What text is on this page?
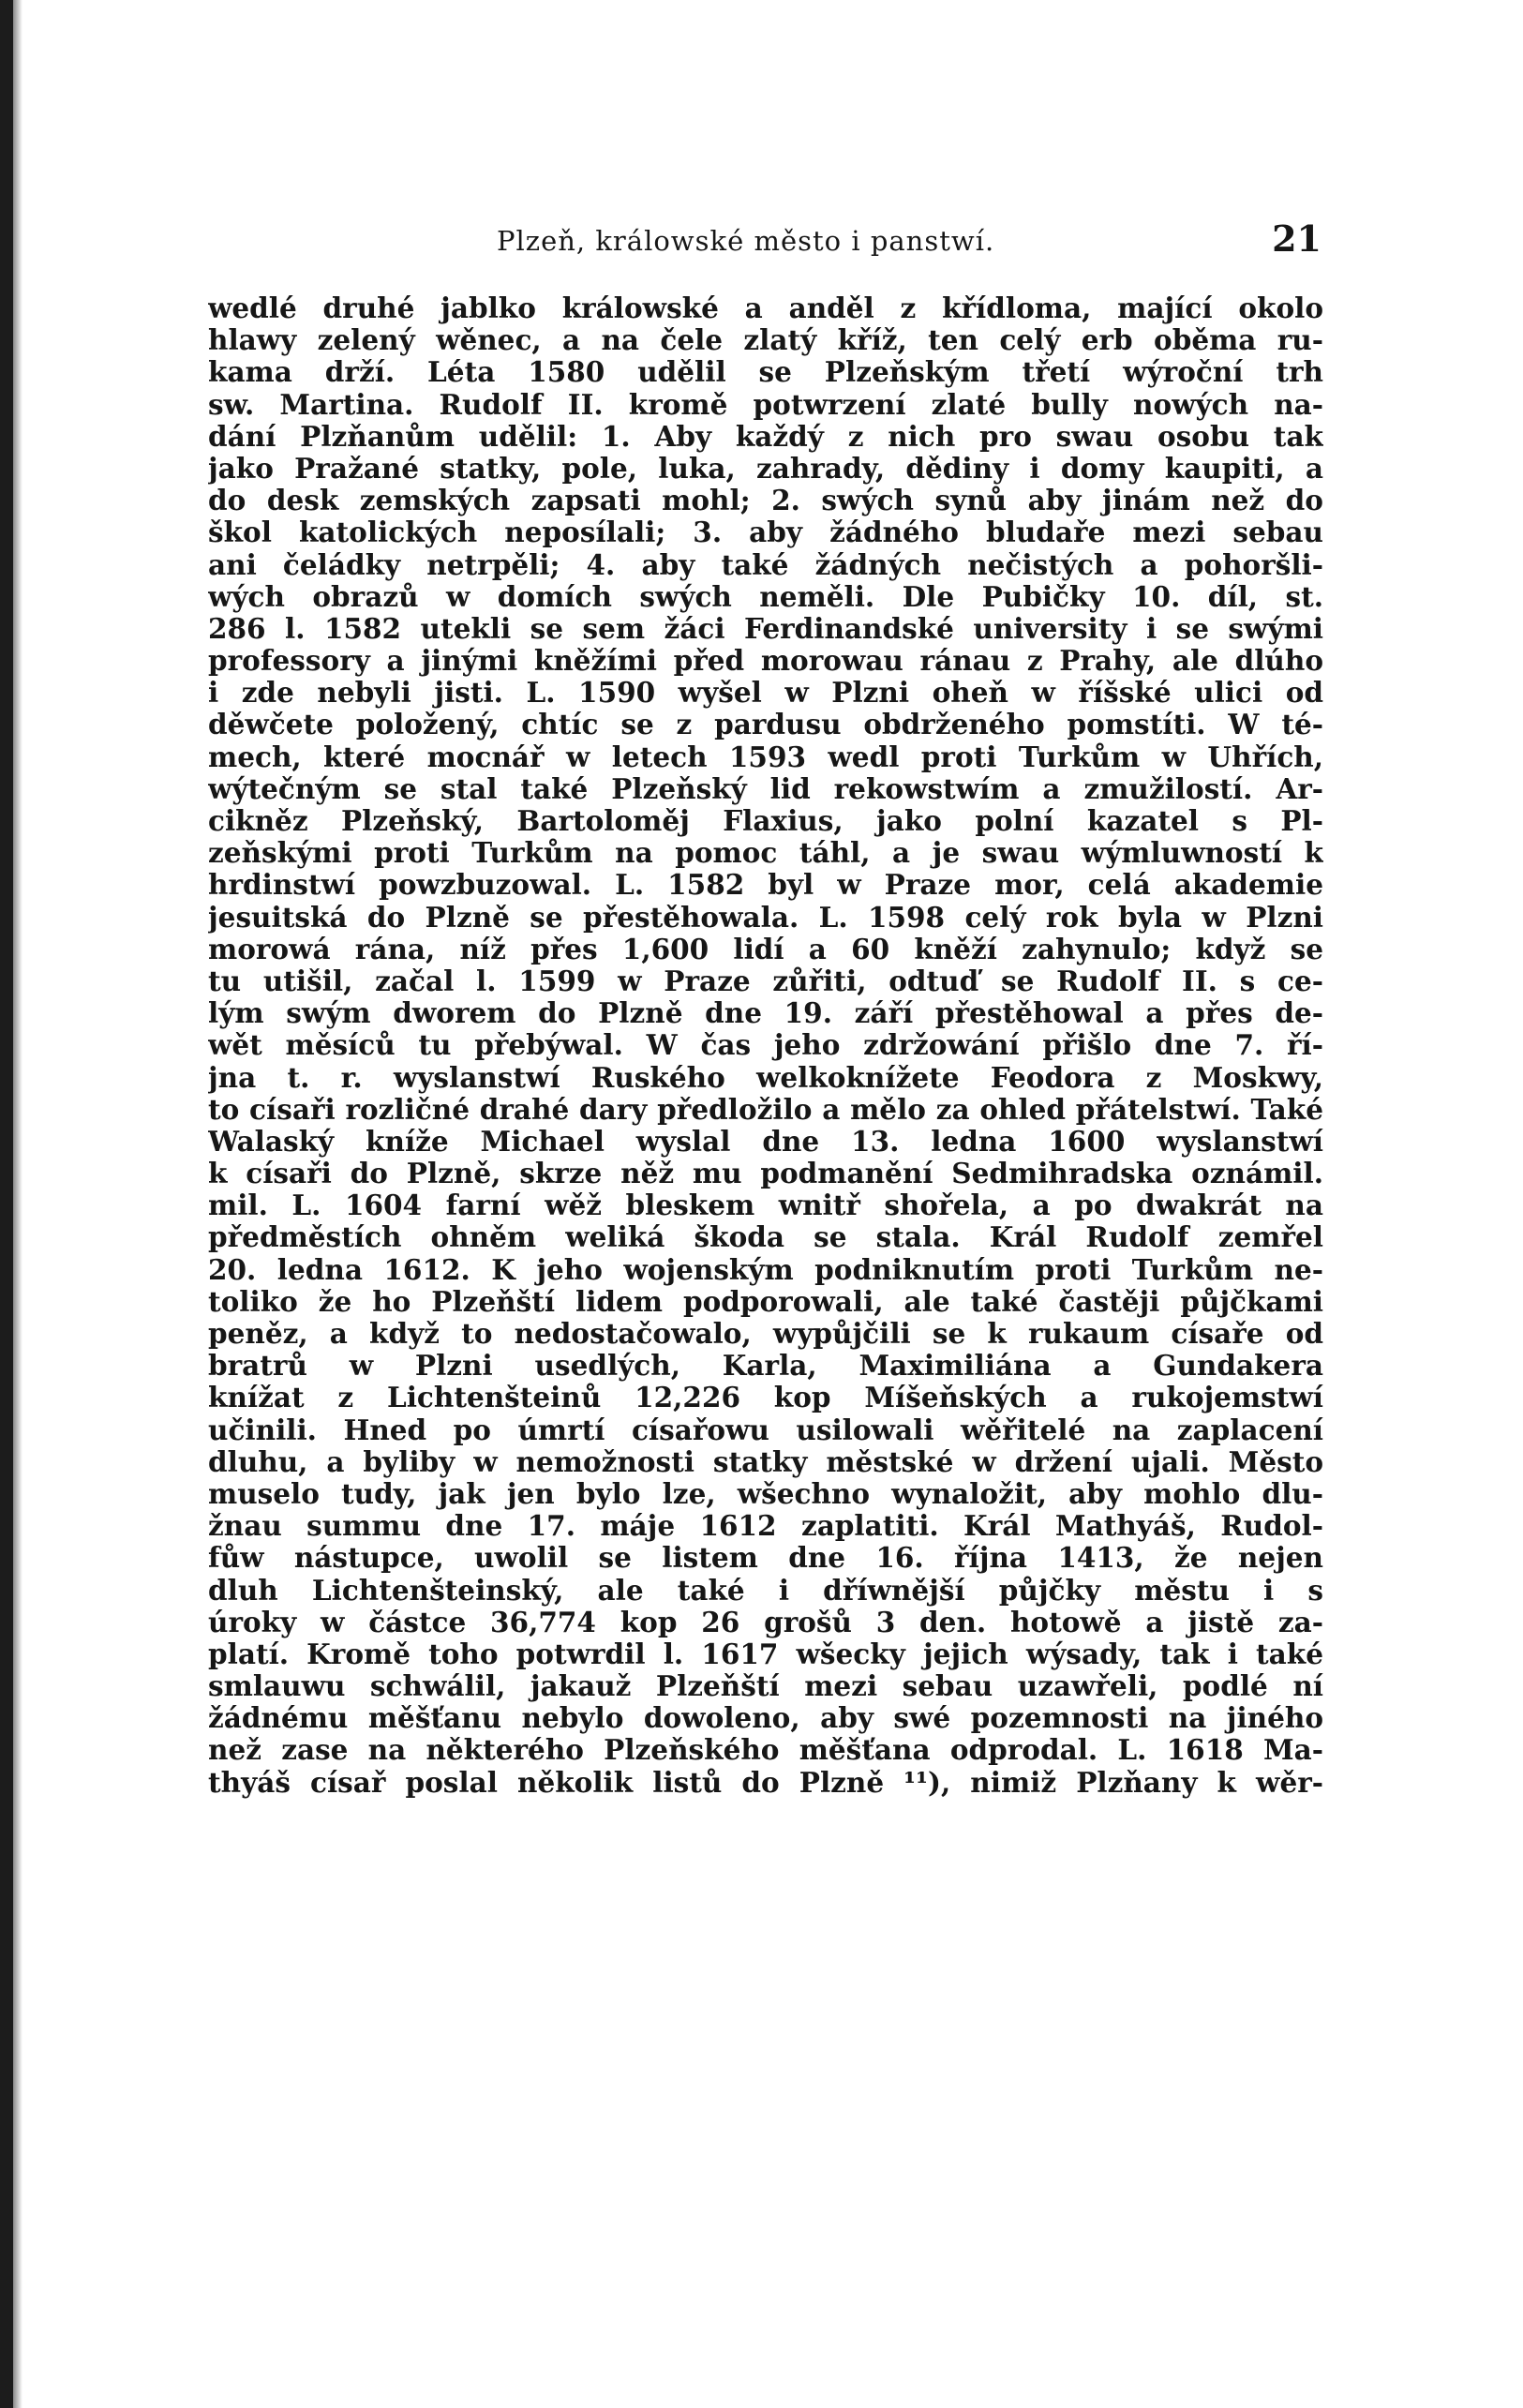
Plzeň, králowské město i panstwí.	21
wedlé druhé jablko králowské a anděl z křídloma, mající okolo
hlawy zelený wěnec, a na čele zlatý kříž, ten celý erb oběma ru-
kama drží. Léta 1580 udělil se Plzeňským třetí wýroční trh
sw. Martina. Rudolf II. kromě potwrzení zlaté bully nowých na-
dání Plzňanům udělil: 1. Aby každý z nich pro swau osobu tak
jako Pražané statky, pole, luka, zahrady, dědiny i domy kaupiti, a
do desk zemských zapsati mohl; 2. swých synů aby jinám než do
škol katolických neposílali; 3. aby žádného bludaře mezi sebau
ani čeládky netrpěli; 4. aby také žádných nečistých a pohoršli-
wých obrazů w domích swých neměli. Dle Pubičky 10. díl, st.
286 l. 1582 utekli se sem žáci Ferdinandské university i se swými
professory a jinými kněžími před morowau ránau z Prahy, ale dlúho
i zde nebyli jisti. L. 1590 wyšel w Plzni oheň w říšské ulici od
děwčete položený, chtíc se z pardusu obdrženého pomstíti. W té-
mech, které mocnář w letech 1593 wedl proti Turkům w Uhřích,
wýtečným se stal také Plzeňský lid rekowstwím a zmužilostí. Ar-
cikněz Plzeňský, Bartoloměj Flaxius, jako polní kazatel s Pl-
zeňskými proti Turkům na pomoc táhl, a je swau wýmluwností k
hrdinstwí powzbuzowal. L. 1582 byl w Praze mor, celá akademie
jesuitská do Plzně se přestěhowala. L. 1598 celý rok byla w Plzni
morowá rána, níž přes 1,600 lidí a 60 kněží zahynulo; když se
tu utišil, začal l. 1599 w Praze zůřiti, odtuď se Rudolf II. s ce-
lým swým dworem do Plzně dne 19. září přestěhowal a přes de-
wět měsíců tu přebýwal. W čas jeho zdržowání přišlo dne 7. ří-
jna t. r. wyslanstwí Ruského welkoknížete Feodora z Moskwy,
to císaři rozličné drahé dary předložilo a mělo za ohled přátelstwí. Také
Walaský kníže Michael wyslal dne 13. ledna 1600 wyslanstwí
k císaři do Plzně, skrze něž mu podmanění Sedmihradska oznámil.
mil. L. 1604 farní wěž bleskem wnitř shořela, a po dwakrát na
předměstích ohněm weliká škoda se stala. Král Rudolf zemřel
20. ledna 1612. K jeho wojenským podniknutím proti Turkům ne-
toliko že ho Plzeňští lidem podporowali, ale také častěji půjčkami
peněz, a když to nedostačowalo, wypůjčili se k rukaum císaře od
bratrů w Plzni usedlých, Karla, Maximiliána a Gundakera
knížat z Lichtenšteinů 12,226 kop Míšeňských a rukojemstwí
učinili. Hned po úmrtí císařowu usilowali wěřitelé na zaplacení
dluhu, a byliby w nemožnosti statky městské w držení ujali. Město
muselo tudy, jak jen bylo lze, wšechno wynaložit, aby mohlo dlu-
žnau summu dne 17. máje 1612 zaplatiti. Král Mathyáš, Rudol-
fůw nástupce, uwolil se listem dne 16. října 1413, že nejen
dluh Lichtenšteinský, ale také i dříwnější půjčky městu i s
úroky w částce 36,774 kop 26 grošů 3 den. hotowě a jistě za-
platí. Kromě toho potwrdil l. 1617 wšecky jejich wýsady, tak i také
smlauwu schwálil, jakauž Plzeňští mezi sebau uzawřeli, podlé ní
žádnému měšťanu nebylo dowoleno, aby swé pozemnosti na jiného
než zase na některého Plzeňského měšťana odprodal. L. 1618 Ma-
thyáš císař poslal několik listů do Plzně ¹¹), nimiž Plzňany k wěr-
